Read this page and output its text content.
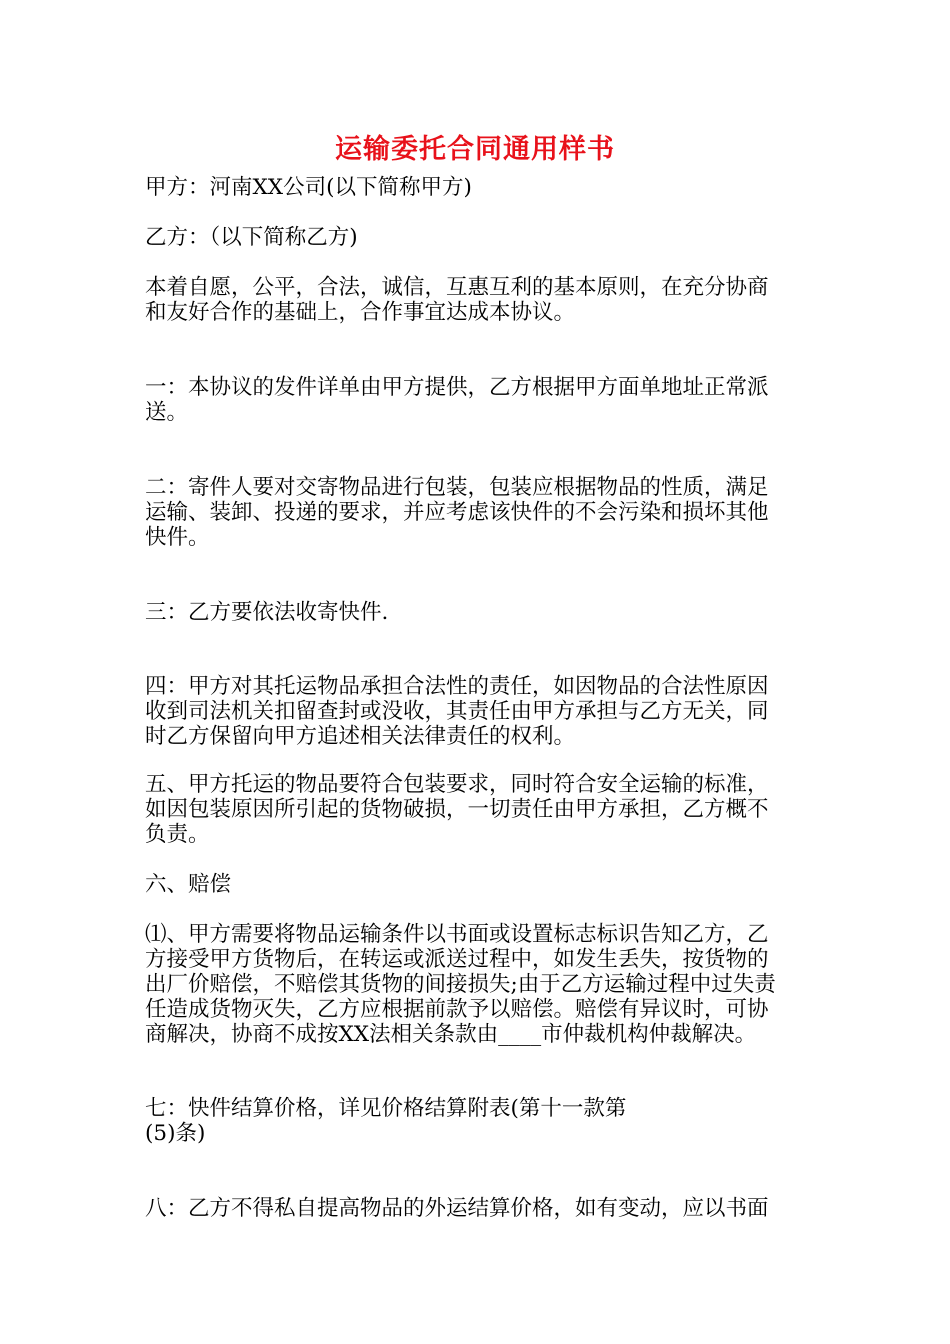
运输委托合同通用样书
甲方：河南XX公司(以下简称甲方)
乙方：（以下简称乙方)
本着自愿，公平，合法，诚信，互惠互利的基本原则，在充分协商
和友好合作的基础上，合作事宜达成本协议。
一：本协议的发件详单由甲方提供，乙方根据甲方面单地址正常派
送。
二：寄件人要对交寄物品进行包装，包装应根据物品的性质，满足
运输、装卸、投递的要求，并应考虑该快件的不会污染和损坏其他
快件。
三：乙方要依法收寄快件.
四：甲方对其托运物品承担合法性的责任，如因物品的合法性原因
收到司法机关扣留查封或没收，其责任由甲方承担与乙方无关，同
时乙方保留向甲方追述相关法律责任的权利。
五、甲方托运的物品要符合包装要求，同时符合安全运输的标准，
如因包装原因所引起的货物破损，一切责任由甲方承担，乙方概不
负责。
六、赔偿
⑴、甲方需要将物品运输条件以书面或设置标志标识告知乙方，乙
方接受甲方货物后，在转运或派送过程中，如发生丢失，按货物的
出厂价赔偿，不赔偿其货物的间接损失;由于乙方运输过程中过失责
任造成货物灭失，乙方应根据前款予以赔偿。赔偿有异议时，可协
商解决，协商不成按XX法相关条款由____市仲裁机构仲裁解决。
七：快件结算价格，详见价格结算附表(第十一款第
(5)条)
八：乙方不得私自提高物品的外运结算价格，如有变动，应以书面
